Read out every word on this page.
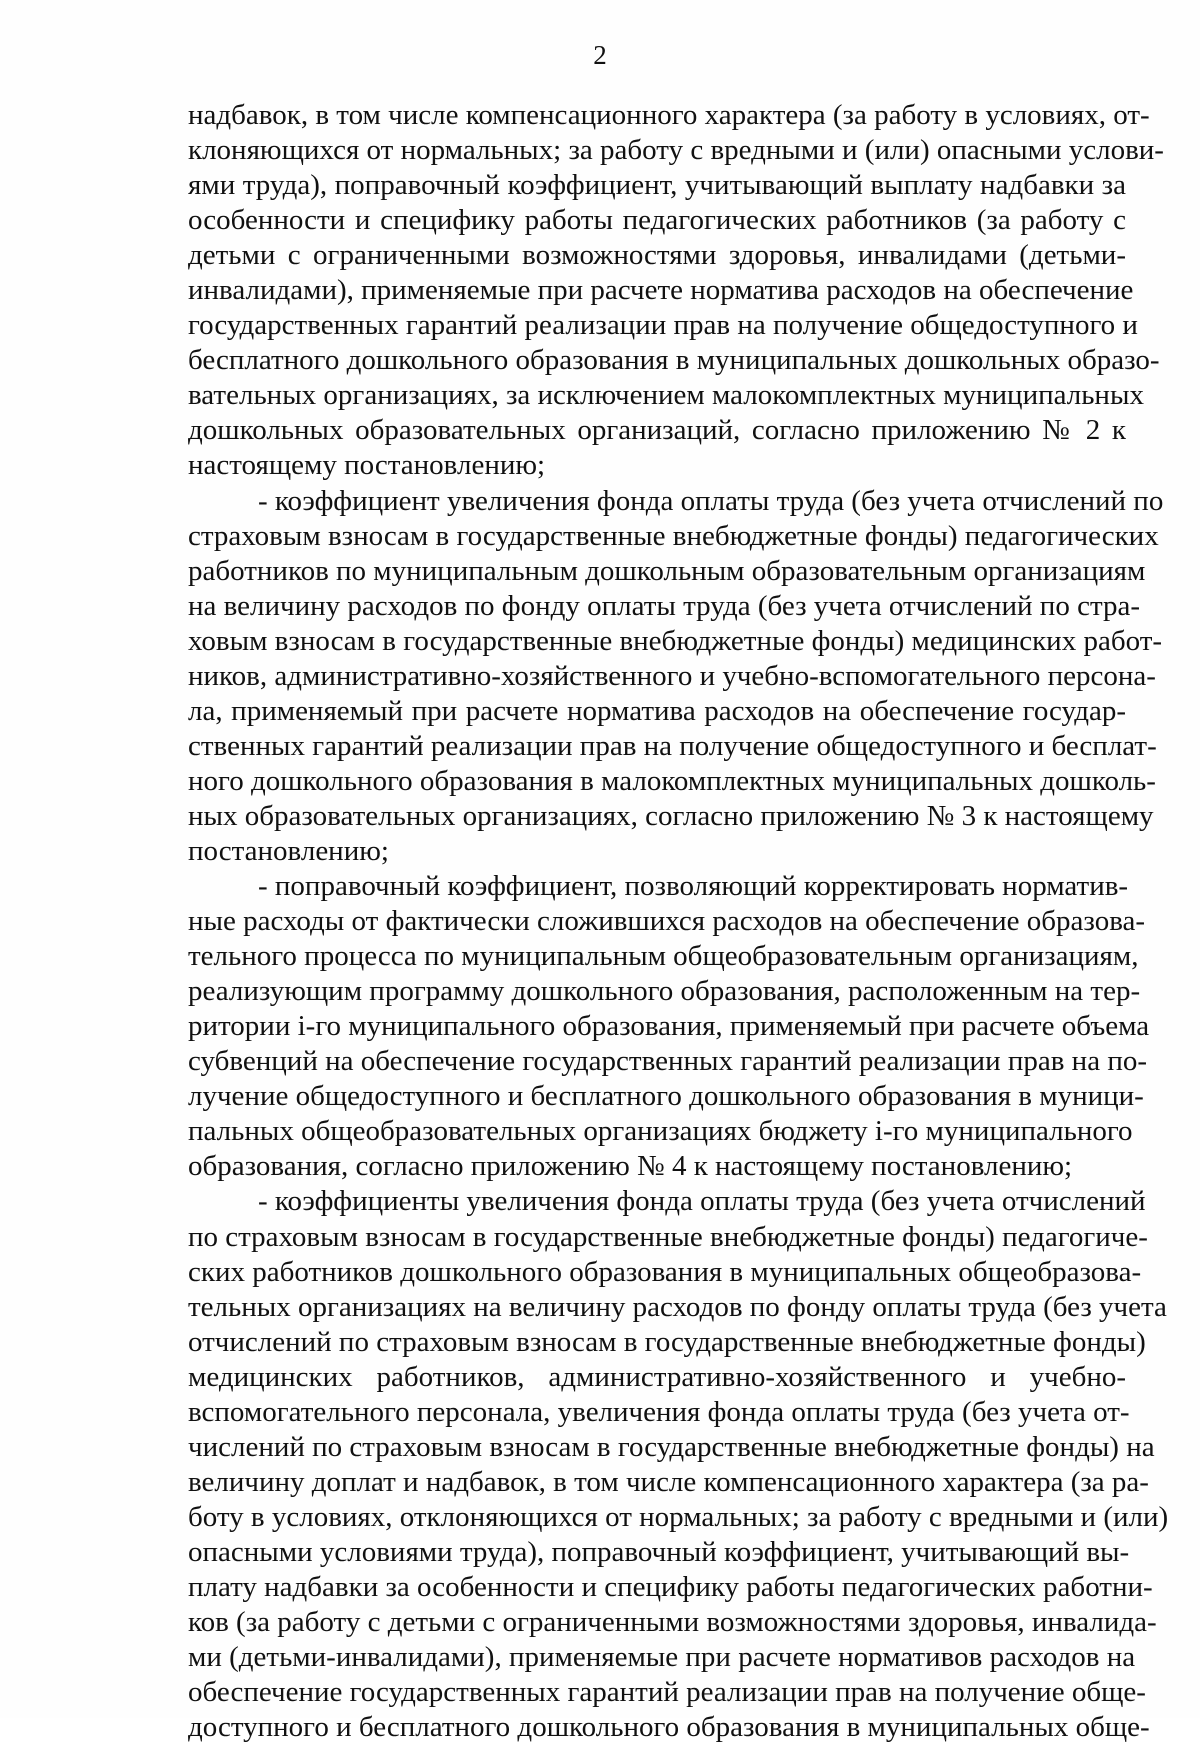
2
надбавок, в том числе компенсационного характера (за работу в условиях, от-
клоняющихся от нормальных; за работу с вредными и (или) опасными услови-
ями труда), поправочный коэффициент, учитывающий выплату надбавки за
особенности и специфику работы педагогических работников (за работу с
детьми с ограниченными возможностями здоровья, инвалидами (детьми-
инвалидами), применяемые при расчете норматива расходов на обеспечение
государственных гарантий реализации прав на получение общедоступного и
бесплатного дошкольного образования в муниципальных дошкольных образо-
вательных организациях, за исключением малокомплектных муниципальных
дошкольных образовательных организаций, согласно приложению № 2 к
настоящему постановлению;
- коэффициент увеличения фонда оплаты труда (без учета отчислений по
страховым взносам в государственные внебюджетные фонды) педагогических
работников по муниципальным дошкольным образовательным организациям
на величину расходов по фонду оплаты труда (без учета отчислений по стра-
ховым взносам в государственные внебюджетные фонды) медицинских работ-
ников, административно-хозяйственного и учебно-вспомогательного персона-
ла, применяемый при расчете норматива расходов на обеспечение государ-
ственных гарантий реализации прав на получение общедоступного и бесплат-
ного дошкольного образования в малокомплектных муниципальных дошколь-
ных образовательных организациях, согласно приложению № 3 к настоящему
постановлению;
- поправочный коэффициент, позволяющий корректировать норматив-
ные расходы от фактически сложившихся расходов на обеспечение образова-
тельного процесса по муниципальным общеобразовательным организациям,
реализующим программу дошкольного образования, расположенным на тер-
ритории i-го муниципального образования, применяемый при расчете объема
субвенций на обеспечение государственных гарантий реализации прав на по-
лучение общедоступного и бесплатного дошкольного образования в муници-
пальных общеобразовательных организациях бюджету i-го муниципального
образования, согласно приложению № 4 к настоящему постановлению;
- коэффициенты увеличения фонда оплаты труда (без учета отчислений
по страховым взносам в государственные внебюджетные фонды) педагогиче-
ских работников дошкольного образования в муниципальных общеобразова-
тельных организациях на величину расходов по фонду оплаты труда (без учета
отчислений по страховым взносам в государственные внебюджетные фонды)
медицинских работников, административно-хозяйственного и учебно-
вспомогательного персонала, увеличения фонда оплаты труда (без учета от-
числений по страховым взносам в государственные внебюджетные фонды) на
величину доплат и надбавок, в том числе компенсационного характера (за ра-
боту в условиях, отклоняющихся от нормальных; за работу с вредными и (или)
опасными условиями труда), поправочный коэффициент, учитывающий вы-
плату надбавки за особенности и специфику работы педагогических работни-
ков (за работу с детьми с ограниченными возможностями здоровья, инвалида-
ми (детьми-инвалидами), применяемые при расчете нормативов расходов на
обеспечение государственных гарантий реализации прав на получение обще-
доступного и бесплатного дошкольного образования в муниципальных обще-
